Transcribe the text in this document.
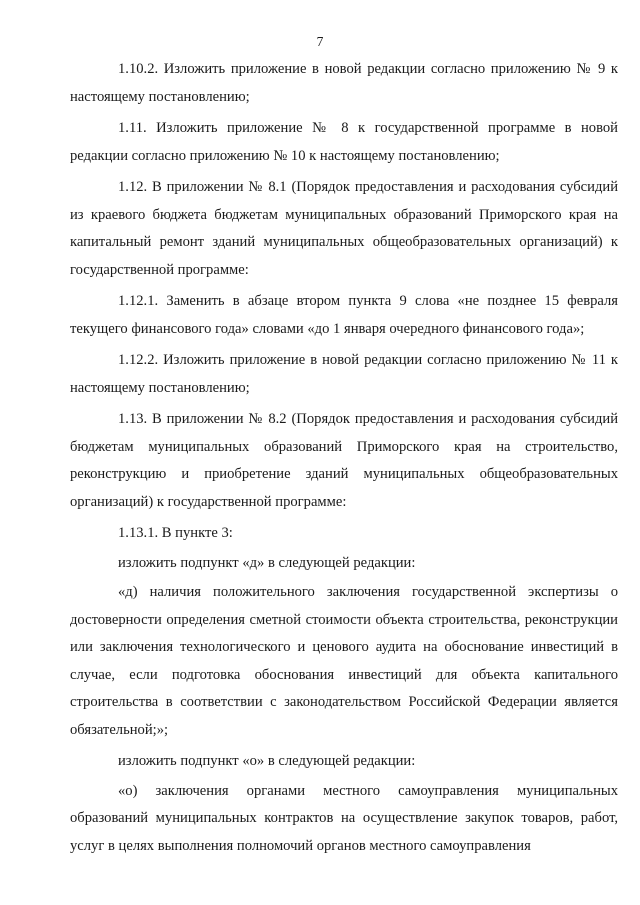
7

1.10.2. Изложить приложение в новой редакции согласно приложению № 9 к настоящему постановлению;

1.11. Изложить приложение № 8 к государственной программе в новой редакции согласно приложению № 10 к настоящему постановлению;

1.12. В приложении № 8.1 (Порядок предоставления и расходования субсидий из краевого бюджета бюджетам муниципальных образований Приморского края на капитальный ремонт зданий муниципальных общеобразовательных организаций) к государственной программе:

1.12.1. Заменить в абзаце втором пункта 9 слова «не позднее 15 февраля текущего финансового года» словами «до 1 января очередного финансового года»;

1.12.2. Изложить приложение в новой редакции согласно приложению № 11 к настоящему постановлению;

1.13. В приложении № 8.2 (Порядок предоставления и расходования субсидий бюджетам муниципальных образований Приморского края на строительство, реконструкцию и приобретение зданий муниципальных общеобразовательных организаций) к государственной программе:

1.13.1. В пункте 3:

изложить подпункт «д» в следующей редакции:

«д) наличия положительного заключения государственной экспертизы о достоверности определения сметной стоимости объекта строительства, реконструкции или заключения технологического и ценового аудита на обоснование инвестиций в случае, если подготовка обоснования инвестиций для объекта капитального строительства в соответствии с законодательством Российской Федерации является обязательной;»;

изложить подпункт «о» в следующей редакции:

«о) заключения органами местного самоуправления муниципальных образований муниципальных контрактов на осуществление закупок товаров, работ, услуг в целях выполнения полномочий органов местного самоуправления
